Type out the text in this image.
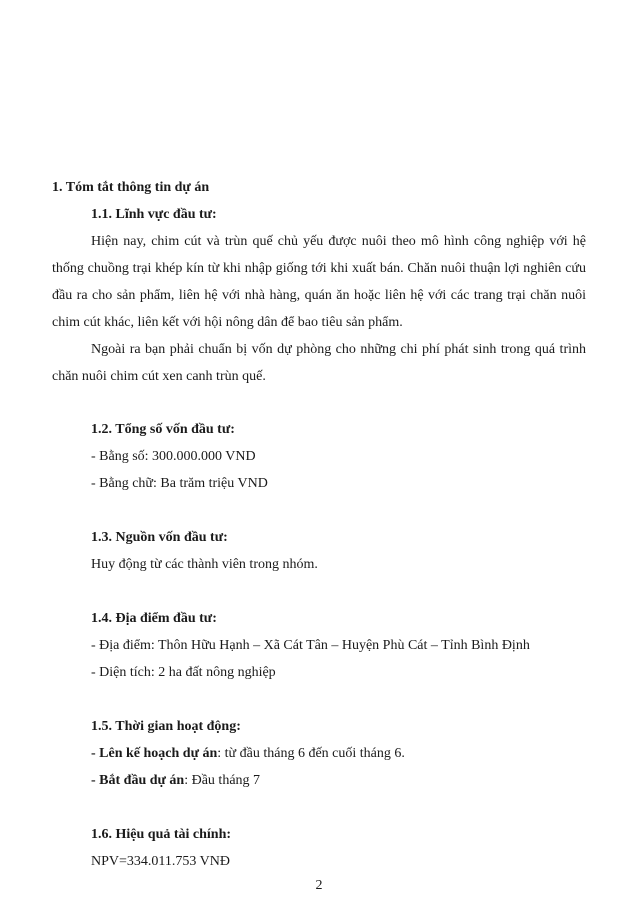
1. Tóm tắt thông tin dự án
1.1. Lĩnh vực đầu tư:
Hiện nay, chim cút và trùn quế chủ yếu được nuôi theo mô hình công nghiệp với hệ
thống chuồng trại khép kín từ khi nhập giống tới khi xuất bán. Chăn nuôi thuận lợi nghiên cứu
đầu ra cho sản phẩm, liên hệ với nhà hàng, quán ăn hoặc liên hệ với các trang trại chăn nuôi
chim cút khác, liên kết với hội nông dân để bao tiêu sản phẩm.
Ngoài ra bạn phải chuẩn bị vốn dự phòng cho những chi phí phát sinh trong quá trình
chăn nuôi chim cút xen canh trùn quế.
1.2. Tổng số vốn đầu tư:
- Bằng số: 300.000.000 VND
- Bằng chữ: Ba trăm triệu VND
1.3. Nguồn vốn đầu tư:
Huy động từ các thành viên trong nhóm.
1.4. Địa điểm đầu tư:
- Địa điểm: Thôn Hữu Hạnh – Xã Cát Tân – Huyện Phù Cát – Tỉnh Bình Định
- Diện tích: 2 ha đất nông nghiệp
1.5. Thời gian hoạt động:
- Lên kế hoạch dự án: từ đầu tháng 6 đến cuối tháng 6.
- Bắt đầu dự án: Đầu tháng 7
1.6. Hiệu quả tài chính:
NPV=334.011.753 VNĐ
2
